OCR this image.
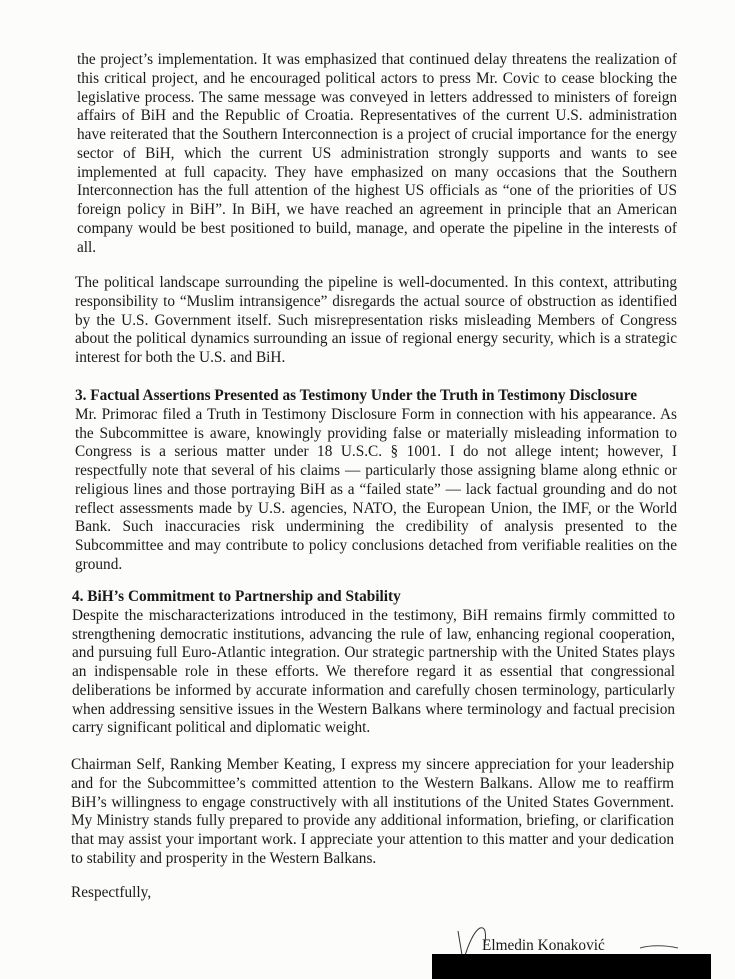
the project’s implementation. It was emphasized that continued delay threatens the realization of this critical project, and he encouraged political actors to press Mr. Covic to cease blocking the legislative process. The same message was conveyed in letters addressed to ministers of foreign affairs of BiH and the Republic of Croatia. Representatives of the current U.S. administration have reiterated that the Southern Interconnection is a project of crucial importance for the energy sector of BiH, which the current US administration strongly supports and wants to see implemented at full capacity. They have emphasized on many occasions that the Southern Interconnection has the full attention of the highest US officials as “one of the priorities of US foreign policy in BiH”. In BiH, we have reached an agreement in principle that an American company would be best positioned to build, manage, and operate the pipeline in the interests of all.

The political landscape surrounding the pipeline is well-documented. In this context, attributing responsibility to “Muslim intransigence” disregards the actual source of obstruction as identified by the U.S. Government itself. Such misrepresentation risks misleading Members of Congress about the political dynamics surrounding an issue of regional energy security, which is a strategic interest for both the U.S. and BiH.

3. Factual Assertions Presented as Testimony Under the Truth in Testimony Disclosure

Mr. Primorac filed a Truth in Testimony Disclosure Form in connection with his appearance. As the Subcommittee is aware, knowingly providing false or materially misleading information to Congress is a serious matter under 18 U.S.C. § 1001. I do not allege intent; however, I respectfully note that several of his claims — particularly those assigning blame along ethnic or religious lines and those portraying BiH as a “failed state” — lack factual grounding and do not reflect assessments made by U.S. agencies, NATO, the European Union, the IMF, or the World Bank. Such inaccuracies risk undermining the credibility of analysis presented to the Subcommittee and may contribute to policy conclusions detached from verifiable realities on the ground.

4. BiH’s Commitment to Partnership and Stability

Despite the mischaracterizations introduced in the testimony, BiH remains firmly committed to strengthening democratic institutions, advancing the rule of law, enhancing regional cooperation, and pursuing full Euro-Atlantic integration. Our strategic partnership with the United States plays an indispensable role in these efforts. We therefore regard it as essential that congressional deliberations be informed by accurate information and carefully chosen terminology, particularly when addressing sensitive issues in the Western Balkans where terminology and factual precision carry significant political and diplomatic weight.

Chairman Self, Ranking Member Keating, I express my sincere appreciation for your leadership and for the Subcommittee’s committed attention to the Western Balkans. Allow me to reaffirm BiH’s willingness to engage constructively with all institutions of the United States Government. My Ministry stands fully prepared to provide any additional information, briefing, or clarification that may assist your important work. I appreciate your attention to this matter and your dedication to stability and prosperity in the Western Balkans.

Respectfully,
Elmedin Konaković
